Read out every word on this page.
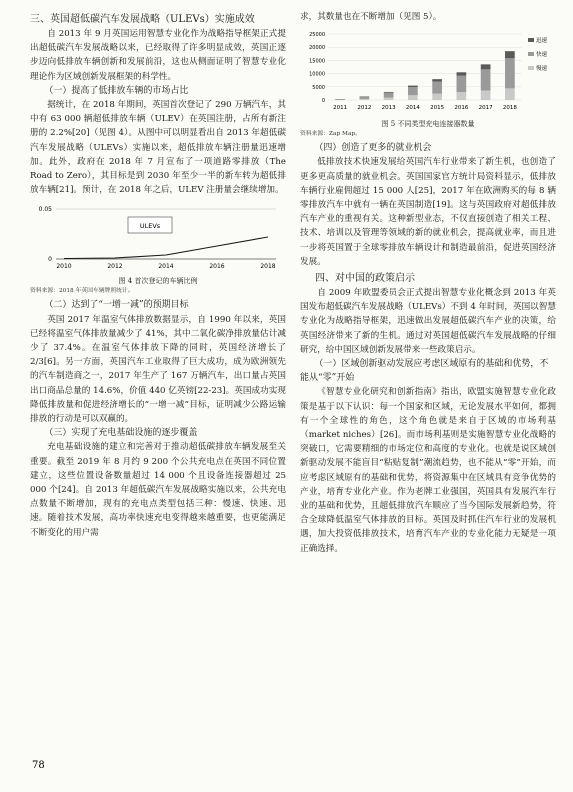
三、英国超低碳汽车发展战略（ULEVs）实施成效

自 2013 年 9 月英国运用智慧专业化作为战略指导框架正式提出超低碳汽车发展战略以来，已经取得了许多明显成效，英国正逐步迈向低排放车辆创新和发展前沿，这也从侧面证明了智慧专业化理论作为区域创新发展框架的科学性。

（一）提高了低排放车辆的市场占比

据统计，在 2018 年期间，英国首次登记了 290 万辆汽车，其中有 63 000 辆超低排放车辆（ULEV）在英国注册，占所有新注册的 2.2%[20]（见图 4）。从图中可以明显看出自 2013 年超低碳汽车发展战略（ULEVs）实施以来，超低排放车辆注册量迅速增加。此外，政府在 2018 年 7 月宣布了一项道路零排放（The Road to Zero），其目标是到 2030 年至少一半的新车转为超低排放车辆[21]。预计，在 2018 年之后，ULEV 注册量会继续增加。

0.05
0
ULEVs
2010	2012	2014	2016	2018
图 4 首次登记的车辆比例
资料来源：2018 年英国车辆牌照统计。
（二）达到了“一增一减”的预期目标

英国 2017 年温室气体排放数据显示，自 1990 年以来，英国已经将温室气体排放量减少了 41%，其中二氧化碳净排放量估计减少了 37.4%。在温室气体排放下降的同时，英国经济增长了 2/3[6]。另一方面，英国汽车工业取得了巨大成功，成为欧洲领先的汽车制造商之一，2017 年生产了 167 万辆汽车，出口量占英国出口商品总量的 14.6%，价值 440 亿英镑[22-23]。英国成功实现降低排放量和促进经济增长的“一增一减”目标，证明减少公路运输排放的行动是可以双赢的。

（三）实现了充电基础设施的逐步覆盖

充电基础设施的建立和完善对于推动超低碳排放车辆发展至关重要。截至 2019 年 8 月约 9 200 个公共充电点在英国不同位置建立，这些位置设备数量超过 14 000 个且设备连接器超过 25 000 个[24]。自 2013 年超低碳汽车发展战略实施以来，公共充电点数量不断增加，现有的充电点类型包括三种：慢速、快速、迅速。随着技术发展，高功率快速充电变得越来越重要，也更能满足不断变化的用户需

求，其数量也在不断增加（见图 5）。

0
5000
10000
15000
20000
25000
2011 2012 2013 2014 2015 2016 2017 2018
迅速
快速
慢速
图 5 不同类型充电连接器数量
资料来源：Zap Map。
（四）创造了更多的就业机会

低排放技术快速发展给英国汽车行业带来了新生机，也创造了更多更高质量的就业机会。英国国家官方统计局资料显示，低排放车辆行业雇佣超过 15 000 人[25]，2017 年在欧洲购买的每 8 辆零排放汽车中就有一辆在英国制造[19]。这与英国政府对超低排放汽车产业的重视有关。这种新型业态，不仅直接创造了相关工程、技术、培训以及管理等领域的新的就业机会，提高就业率，而且进一步将英国置于全球零排放车辆设计和制造最前沿，促进英国经济发展。

四、对中国的政策启示

自 2009 年欧盟委员会正式提出智慧专业化概念到 2013 年英国发布超低碳汽车发展战略（ULEVs）不到 4 年时间，英国以智慧专业化为战略指导框架，迅速做出发展超低碳汽车产业的决策，给英国经济带来了新的生机。通过对英国超低碳汽车发展战略的仔细研究，给中国区域创新发展带来一些政策启示。

（一）区域创新驱动发展应考虑区域原有的基础和优势，不能从“零”开始

《智慧专业化研究和创新指南》指出，欧盟实施智慧专业化政策是基于以下认识：每一个国家和区域，无论发展水平如何，都拥有一个全球性的角色，这个角色就是来自于区域的市场利基（market niches）[26]。而市场利基则是实施智慧专业化战略的突破口，它需要精细的市场定位和高度的专业化。也就是说区域创新驱动发展不能盲目“粘贴复制”潮流趋势，也不能从“零”开始，而应考虑区域原有的基础和优势，将资源集中在区域具有竞争优势的产业，培育专业化产业。作为老牌工业强国，英国具有发展汽车行业的基础和优势，且超低排放汽车顺应了当今国际发展新趋势，符合全球降低温室气体排放的目标。英国及时抓住汽车行业的发展机遇，加大投资低排放技术，培育汽车产业的专业化能力无疑是一项正确选择。

78
